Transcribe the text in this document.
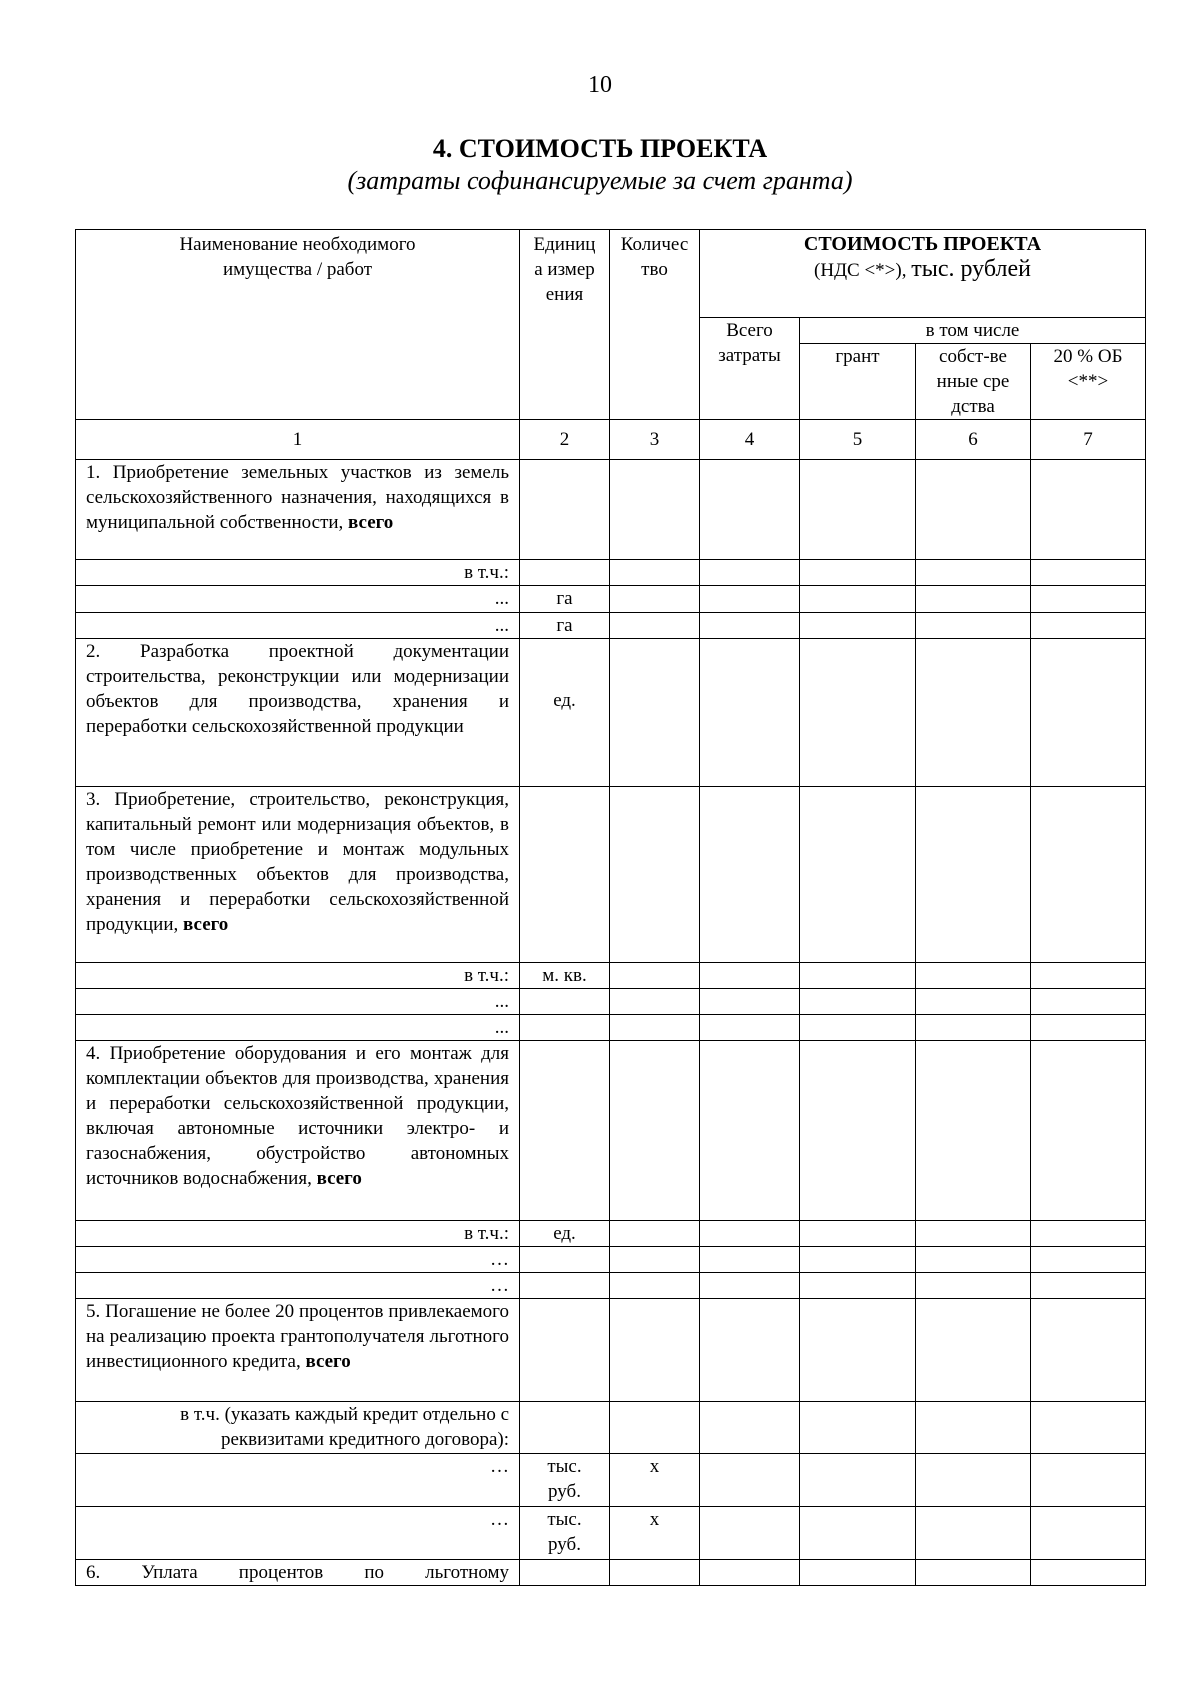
10
4. СТОИМОСТЬ ПРОЕКТА
(затраты софинансируемые за счет гранта)
Наименование необходимого имущества / работ	Единица измерения	Количество	СТОИМОСТЬ ПРОЕКТА
(НДС <*>), тыс. рублей			

			Всего затраты	в том числе		
				грант	собст-венные средства	20 % ОБ <**>

1	2	3	4	5	6	7
1. Приобретение земельных участков из земель сельскохозяйственного назначения, находящихся в муниципальной собственности, всего						
в т.ч.:						
...	га					
...	га					
2. Разработка проектной документации строительства, реконструкции или модернизации объектов для производства, хранения и переработки сельскохозяйственной продукции	ед.					
3. Приобретение, строительство, реконструкция, капитальный ремонт или модернизация объектов, в том числе приобретение и монтаж модульных производственных объектов для производства, хранения и переработки сельскохозяйственной продукции, всего						
в т.ч.:	м. кв.					
...						
...						
4. Приобретение оборудования и его монтаж для комплектации объектов для производства, хранения и переработки сельскохозяйственной продукции, включая автономные источники электро- и газоснабжения, обустройство автономных источников водоснабжения, всего						
в т.ч.:	ед.					
…						
…						
5. Погашение не более 20 процентов привлекаемого на реализацию проекта грантополучателя льготного инвестиционного кредита, всего						

в т.ч. (указать каждый кредит отдельно с реквизитами кредитного договора):						

…	тыс. руб.	х				
…	тыс. руб.	х				
6. Уплата процентов по льготному						
